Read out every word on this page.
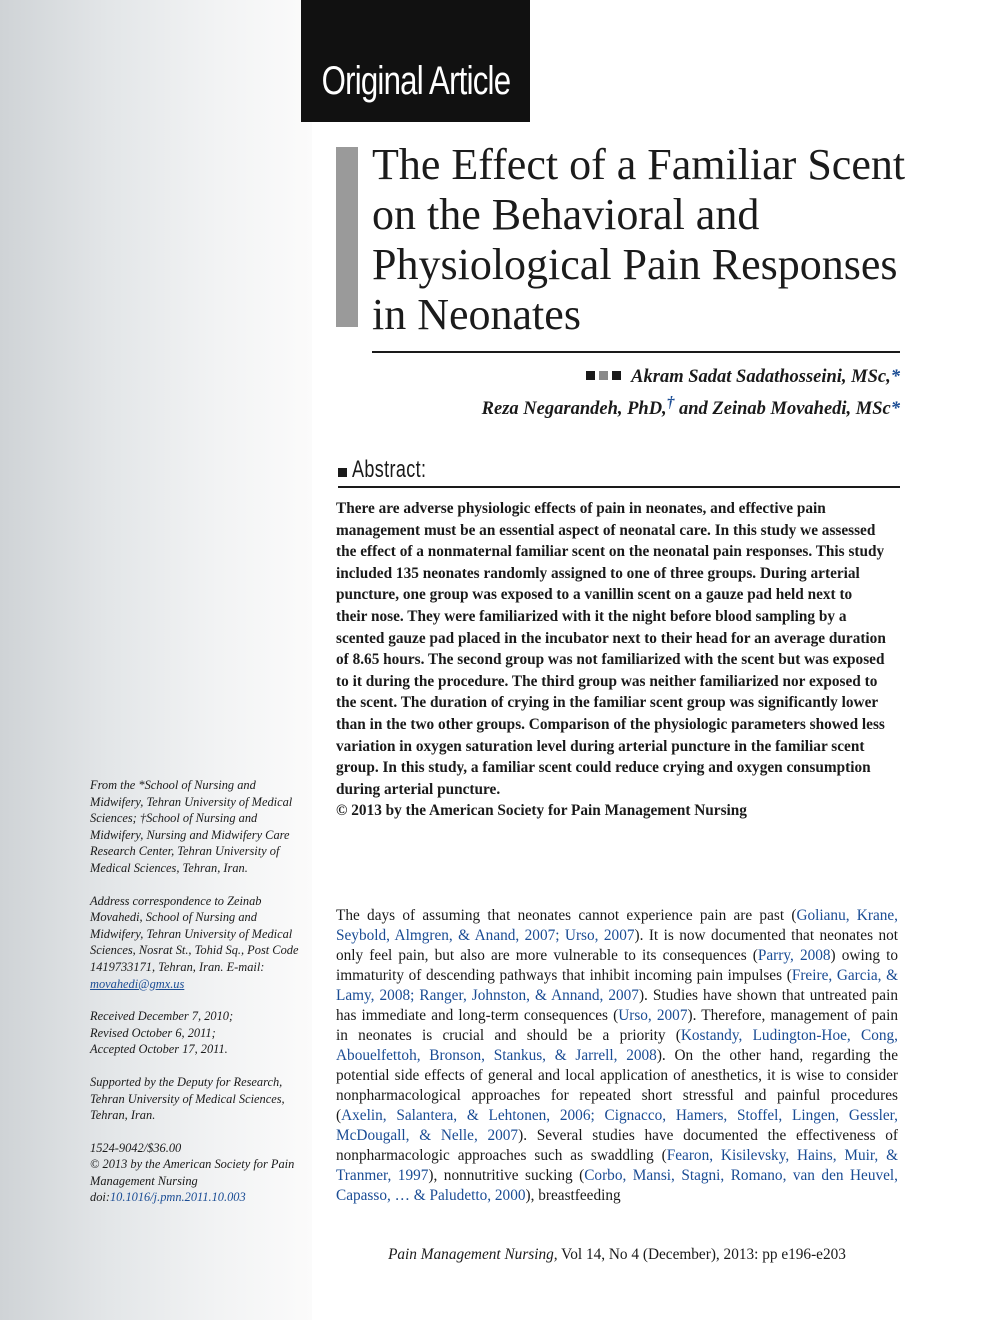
Original Article
The Effect of a Familiar Scent on the Behavioral and Physiological Pain Responses in Neonates
Akram Sadat Sadathosseini, MSc,*
Reza Negarandeh, PhD,† and Zeinab Movahedi, MSc*
Abstract:
There are adverse physiologic effects of pain in neonates, and effective pain management must be an essential aspect of neonatal care. In this study we assessed the effect of a nonmaternal familiar scent on the neonatal pain responses. This study included 135 neonates randomly assigned to one of three groups. During arterial puncture, one group was exposed to a vanillin scent on a gauze pad held next to their nose. They were familiarized with it the night before blood sampling by a scented gauze pad placed in the incubator next to their head for an average duration of 8.65 hours. The second group was not familiarized with the scent but was exposed to it during the procedure. The third group was neither familiarized nor exposed to the scent. The duration of crying in the familiar scent group was significantly lower than in the two other groups. Comparison of the physiologic parameters showed less variation in oxygen saturation level during arterial puncture in the familiar scent group. In this study, a familiar scent could reduce crying and oxygen consumption during arterial puncture.
© 2013 by the American Society for Pain Management Nursing

From the *School of Nursing and Midwifery, Tehran University of Medical Sciences; †School of Nursing and Midwifery, Nursing and Midwifery Care Research Center, Tehran University of Medical Sciences, Tehran, Iran.

Address correspondence to Zeinab Movahedi, School of Nursing and Midwifery, Tehran University of Medical Sciences, Nosrat St., Tohid Sq., Post Code 1419733171, Tehran, Iran. E-mail: movahedi@gmx.us

Received December 7, 2010;
Revised October 6, 2011;
Accepted October 17, 2011.

Supported by the Deputy for Research, Tehran University of Medical Sciences, Tehran, Iran.

1524-9042/$36.00
© 2013 by the American Society for Pain Management Nursing
doi:10.1016/j.pmn.2011.10.003

The days of assuming that neonates cannot experience pain are past (Golianu, Krane, Seybold, Almgren, & Anand, 2007; Urso, 2007). It is now documented that neonates not only feel pain, but also are more vulnerable to its consequences (Parry, 2008) owing to immaturity of descending pathways that inhibit incoming pain impulses (Freire, Garcia, & Lamy, 2008; Ranger, Johnston, & Annand, 2007). Studies have shown that untreated pain has immediate and long-term consequences (Urso, 2007). Therefore, management of pain in neonates is crucial and should be a priority (Kostandy, Ludington-Hoe, Cong, Abouelfettoh, Bronson, Stankus, & Jarrell, 2008). On the other hand, regarding the potential side effects of general and local application of anesthetics, it is wise to consider nonpharmacological approaches for repeated short stressful and painful procedures (Axelin, Salantera, & Lehtonen, 2006; Cignacco, Hamers, Stoffel, Lingen, Gessler, McDougall, & Nelle, 2007). Several studies have documented the effectiveness of nonpharmacologic approaches such as swaddling (Fearon, Kisilevsky, Hains, Muir, & Tranmer, 1997), nonnutritive sucking (Corbo, Mansi, Stagni, Romano, van den Heuvel, Capasso, … & Paludetto, 2000), breastfeeding
Pain Management Nursing, Vol 14, No 4 (December), 2013: pp e196-e203
